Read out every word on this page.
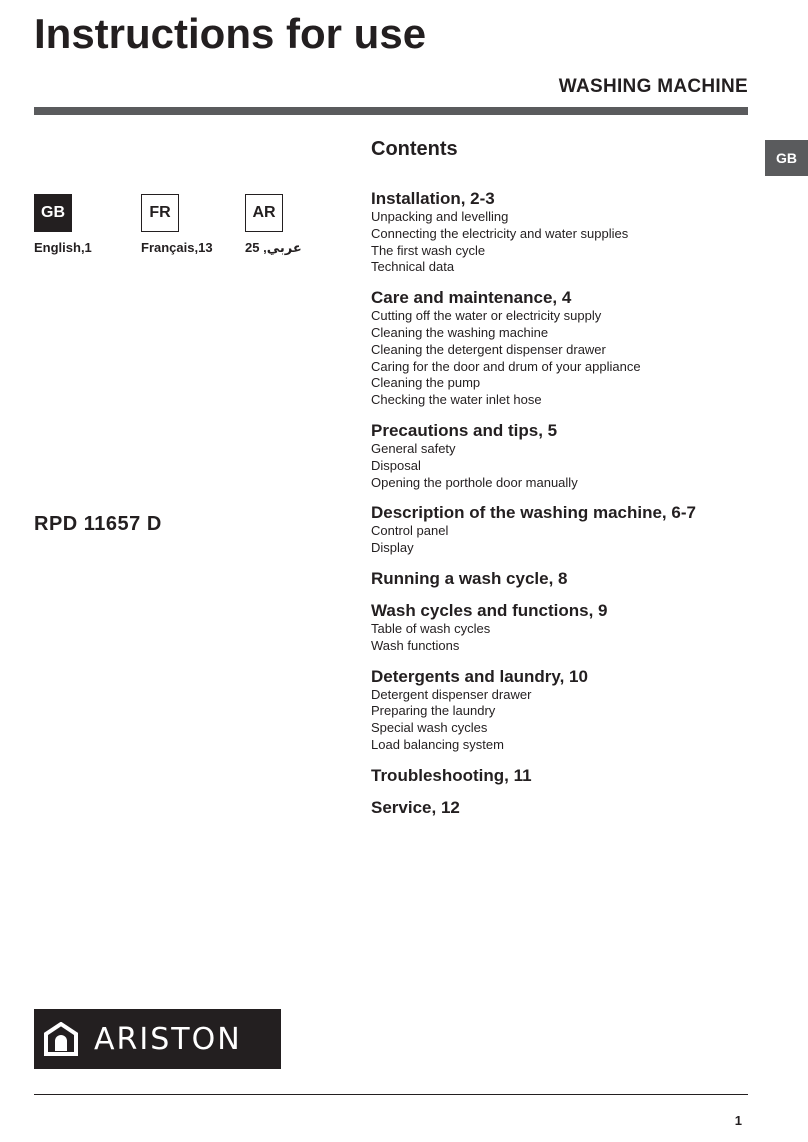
Instructions for use
WASHING MACHINE
GB
GB
English,1
FR
Français,13
AR
عربي, 25
RPD 11657 D
Contents
Installation, 2-3
Unpacking and levelling
Connecting the electricity and water supplies
The first wash cycle
Technical data
Care and maintenance, 4
Cutting off the water or electricity supply
Cleaning the washing machine
Cleaning the detergent dispenser drawer
Caring for the door and drum of your appliance
Cleaning the pump
Checking the water inlet hose
Precautions and tips, 5
General safety
Disposal
Opening the porthole door manually
Description of the washing machine, 6-7
Control panel
Display
Running a wash cycle, 8
Wash cycles and functions, 9
Table of wash cycles
Wash functions
Detergents and laundry, 10
Detergent dispenser drawer
Preparing the laundry
Special wash cycles
Load balancing system
Troubleshooting, 11
Service, 12
ARISTON
1
